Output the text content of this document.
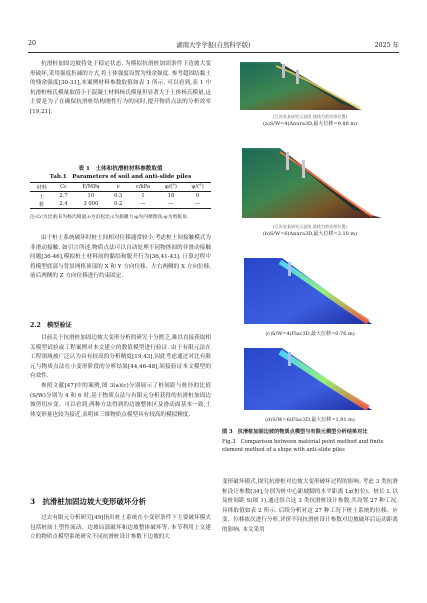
20	湖南大学学报(自然科学版)	2025 年

抗滑桩加固边坡将处于稳定状态. 为模拟抗滑桩加固条件下边坡大变形破坏,采用强度折减的方式,将土体强度设置为残余强度. 参考超固结黏土的残余强度[30-31],本案例材料参数取值如表 1 所示. 可以看到,表 1 中抗滑桩杨氏模量取值小于混凝土材料杨氏模量但显著大于土体杨氏模量,这主要是为了在确保抗滑桩结构刚性行为的同时,提升物质点法的分析效率[19,21].

表 1　土体和抗滑桩材料参数取值
Tab.1　Parameters of soil and anti-slide piles
材料	Cc	E/MPa	ν	c/kPa	φ/(°)	ψ/(°)
土	2.7	10	0.3	1	18	0
桩	2.4	3 000	0.2	—	—	—
注:Cc为比重;E为杨氏模量;ν为泊松比;c为黏聚力;φ为内摩擦角;ψ为剪胀角.

由于桩土系统破坏时桩土间相对位移通常较小,考虑桩土间接触模式为非滑动接触. 如引言所述,物质点法可以自动处理不同物体间的非滑动接触问题[36-46],模拟桩土材料间的黏结和脱开行为[36,41-43]. 计算过程中将模型底部与背景网格顶部的 X 和 Y 方向位移、左右两侧的 X 方向位移,前后两侧的 Z 方向位移进行约束固定.

2.2　模型验证

目前关于抗滑桩加固边坡大变形分析的研究十分匮乏,难以直接获取相关模型试验或工程案例对本文建立的数值模型进行验证. 由于有限元法在工程领域被广泛认为具有较高的分析精度[19,43],因此考虑通过对比有限元与物质点法在小变形阶段的分析结果[44,46-48],间接验证本文模型的有效性.

参照文献[47]中的案例,图 3(a)(c)分别展示了桩间距与桩径的比值(S/W)分别为 4 和 6 时,基于物质点法与有限元分析获得的抗滑桩加固边坡剪切应变、可以看到,两种方法得到的边坡整体区及滑动面基本一致,土体变形量也较为接近,表明该三维物质点模型具有较高的模拟精度.

3　抗滑桩加固边坡大变形破坏分析

过去有限元分析研究[49]指出桩土系统在小变形条件下主要破坏模式包括桩间土塑性流动、边坡局部破坏和边坡整体破坏等. 本节利用上文建立的物质点模型系统研究不同抗滑桩设计参数下边坡的大

(江苏省某研究示意图,道线为剪切带位置)
(a)S/W=4(Anura3D,最大位移=0.88 m)
(江苏省某研究示意图,道线为剪切带位置)
(b)S/W=6(Anura3D,最大位移=2.10 m)
(c)S/W=4(Flac3D,最大位移=0.76 m)
(d)S/W=6(Flac3D,最大位移=1.91 m)
图 3　抗滑桩加固边坡的物质点模型与有限元模型分析结果对比
Fig.3　Comparison between material point method and finite element method of a slope with anti-slide piles

变形破坏模式,探究抗滑桩对边坡大变形破坏过程的影响. 考虑 3 类抗滑桩设计参数[34],分别为桩中心距坡脚的水平距离 Lx(桩位)、桩长 L 以及桩间距 S(图 1),通过组合这 3 类抗滑桩设计参数,共设置 27 种工况,具体取值如表 2 所示. 后续分析对这 27 种工况下桩土系统的位移、应变、位移依次进行分析,评价不同抗滑桩设计参数对边坡破坏后运动距离的影响. 本文采用
